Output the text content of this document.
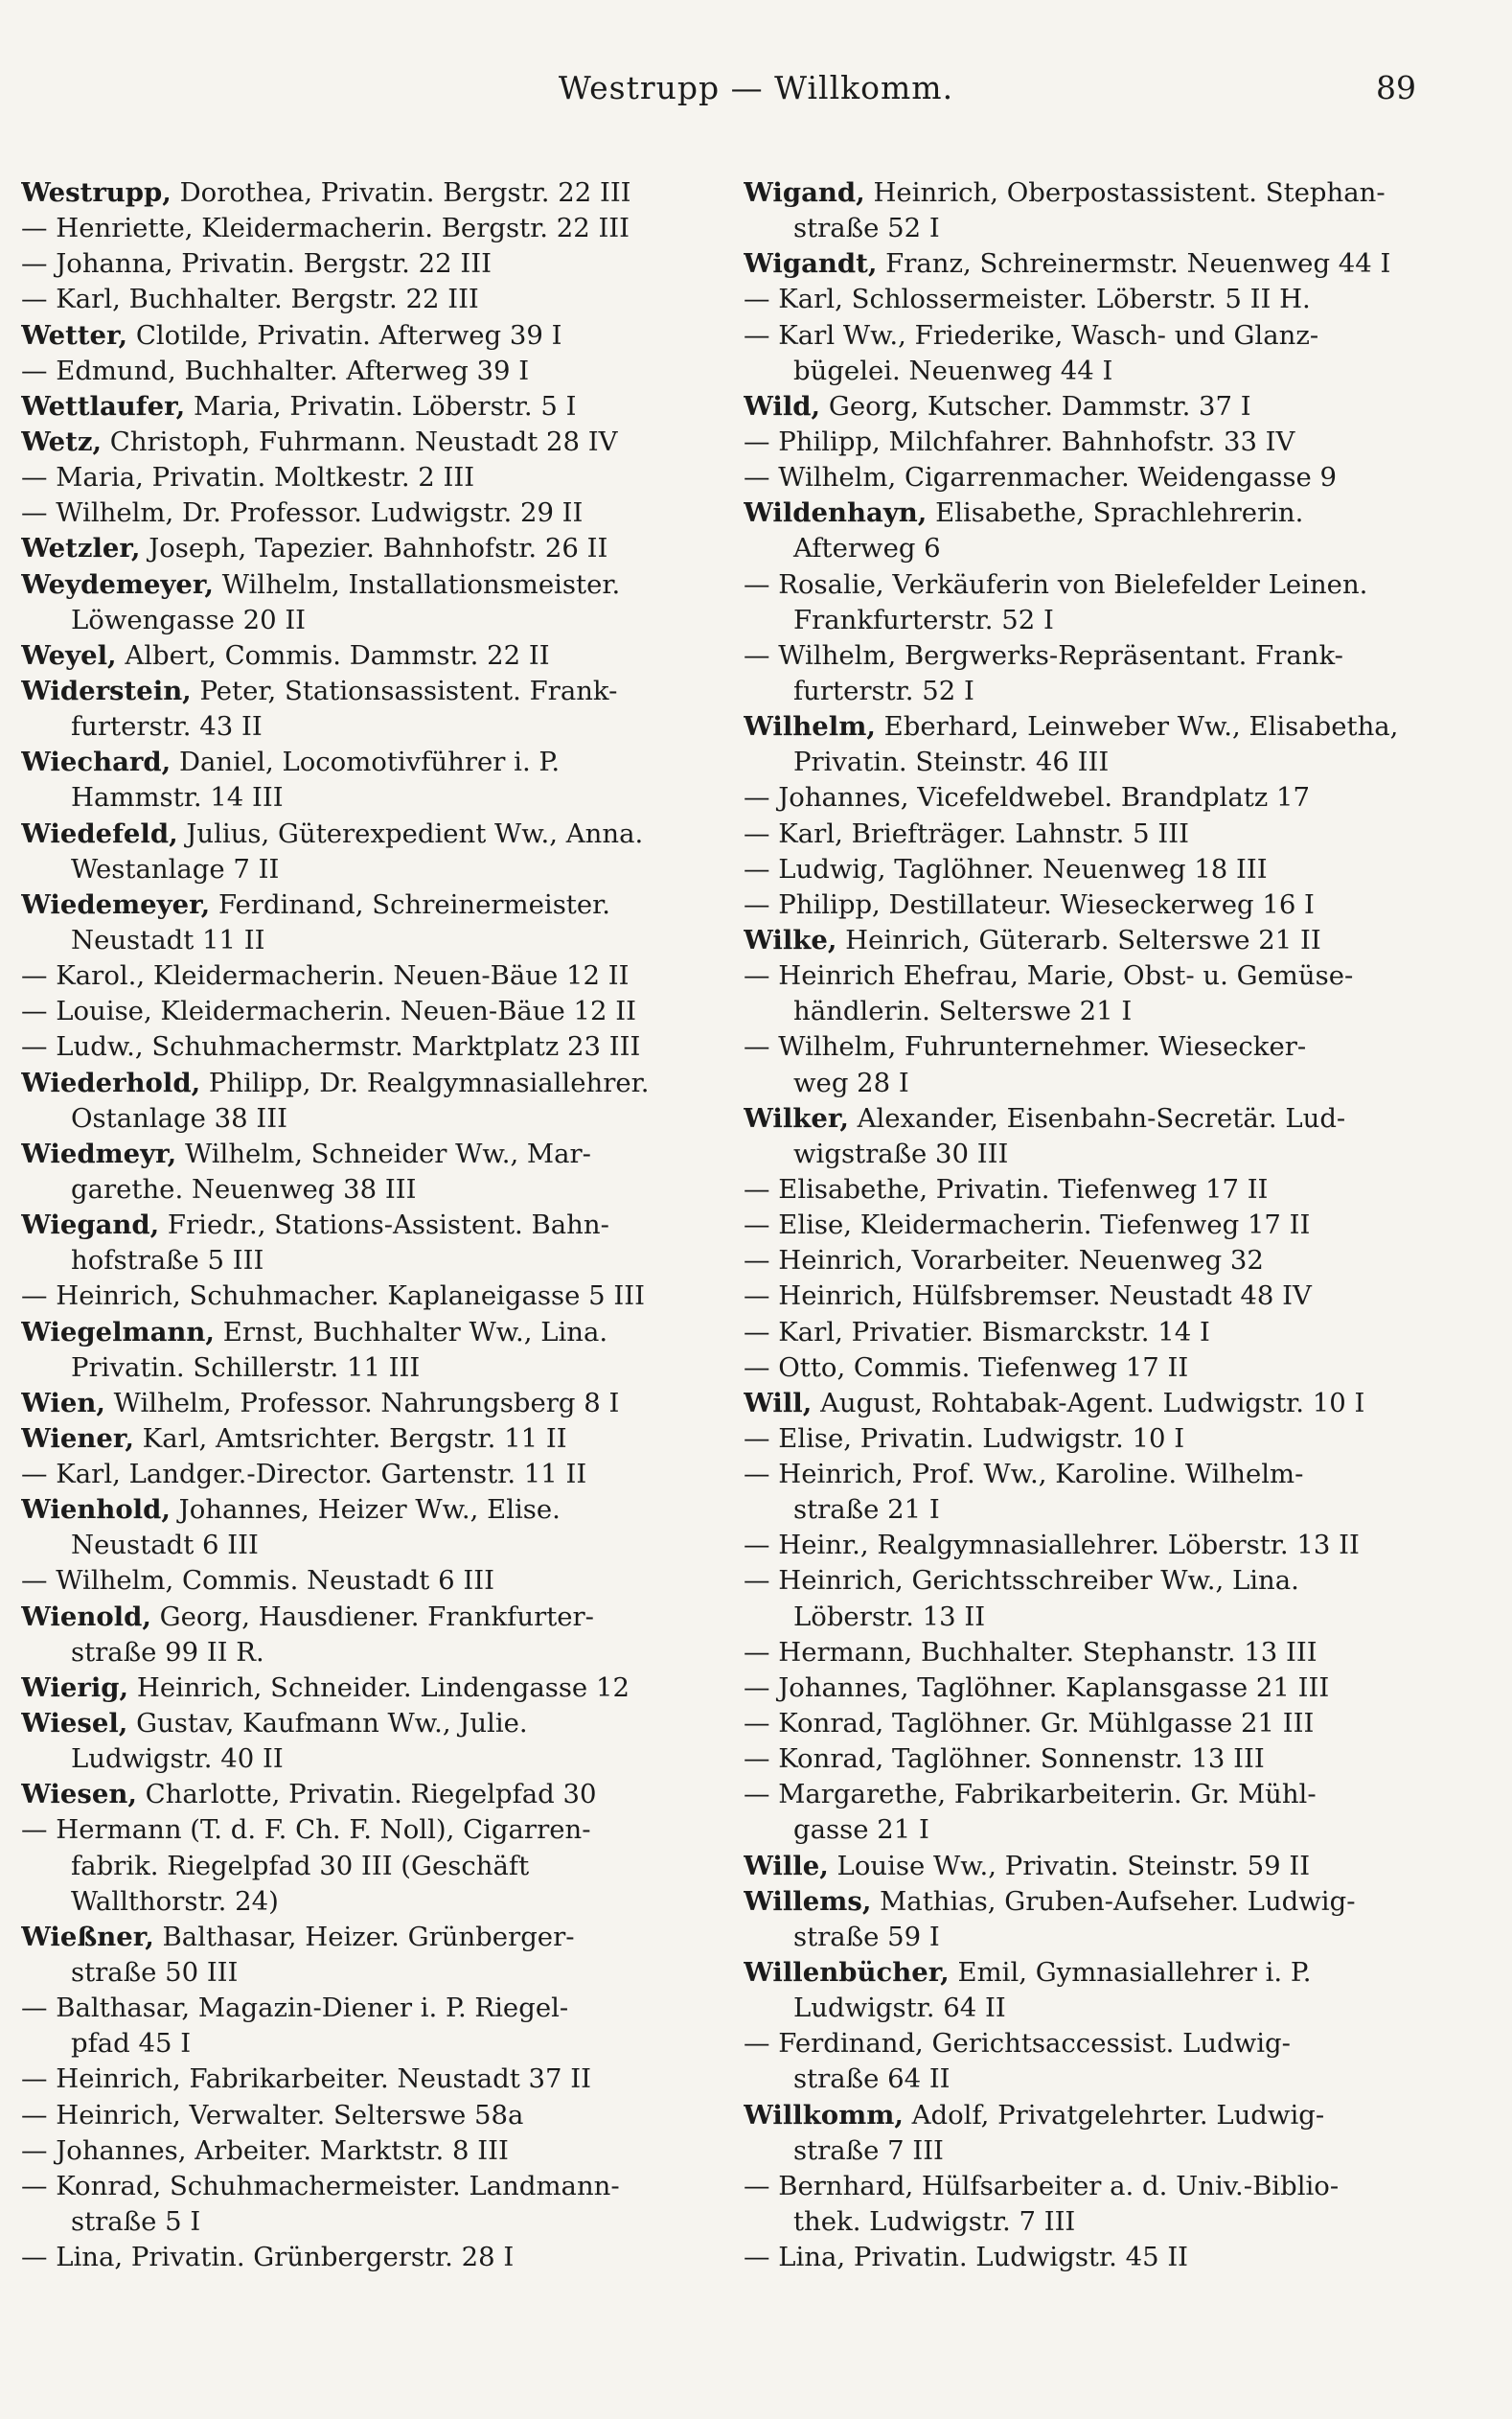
Westrupp — Willkomm.	89
Westrupp, Dorothea, Privatin. Bergstr. 22 III
— Henriette, Kleidermacherin. Bergstr. 22 III
— Johanna, Privatin. Bergstr. 22 III
— Karl, Buchhalter. Bergstr. 22 III
Wetter, Clotilde, Privatin. Afterweg 39 I
— Edmund, Buchhalter. Afterweg 39 I
Wettlaufer, Maria, Privatin. Löberstr. 5 I
Wetz, Christoph, Fuhrmann. Neustadt 28 IV
— Maria, Privatin. Moltkestr. 2 III
— Wilhelm, Dr. Professor. Ludwigstr. 29 II
Wetzler, Joseph, Tapezier. Bahnhofstr. 26 II
Weydemeyer, Wilhelm, Installationsmeister.
Löwengasse 20 II
Weyel, Albert, Commis. Dammstr. 22 II
Widerstein, Peter, Stationsassistent. Frank-
furterstr. 43 II
Wiechard, Daniel, Locomotivführer i. P.
Hammstr. 14 III
Wiedefeld, Julius, Güterexpedient Ww., Anna.
Westanlage 7 II
Wiedemeyer, Ferdinand, Schreinermeister.
Neustadt 11 II
— Karol., Kleidermacherin. Neuen-Bäue 12 II
— Louise, Kleidermacherin. Neuen-Bäue 12 II
— Ludw., Schuhmachermstr. Marktplatz 23 III
Wiederhold, Philipp, Dr. Realgymnasiallehrer.
Ostanlage 38 III
Wiedmeyr, Wilhelm, Schneider Ww., Mar-
garethe. Neuenweg 38 III
Wiegand, Friedr., Stations-Assistent. Bahn-
hofstraße 5 III
— Heinrich, Schuhmacher. Kaplaneigasse 5 III
Wiegelmann, Ernst, Buchhalter Ww., Lina.
Privatin. Schillerstr. 11 III
Wien, Wilhelm, Professor. Nahrungsberg 8 I
Wiener, Karl, Amtsrichter. Bergstr. 11 II
— Karl, Landger.-Director. Gartenstr. 11 II
Wienhold, Johannes, Heizer Ww., Elise.
Neustadt 6 III
— Wilhelm, Commis. Neustadt 6 III
Wienold, Georg, Hausdiener. Frankfurter-
straße 99 II R.
Wierig, Heinrich, Schneider. Lindengasse 12
Wiesel, Gustav, Kaufmann Ww., Julie.
Ludwigstr. 40 II
Wiesen, Charlotte, Privatin. Riegelpfad 30
— Hermann (T. d. F. Ch. F. Noll), Cigarren-
fabrik. Riegelpfad 30 III (Geschäft
Wallthorstr. 24)
Wießner, Balthasar, Heizer. Grünberger-
straße 50 III
— Balthasar, Magazin-Diener i. P. Riegel-
pfad 45 I
— Heinrich, Fabrikarbeiter. Neustadt 37 II
— Heinrich, Verwalter. Selterswe 58a
— Johannes, Arbeiter. Marktstr. 8 III
— Konrad, Schuhmachermeister. Landmann-
straße 5 I
— Lina, Privatin. Grünbergerstr. 28 I
Wigand, Heinrich, Oberpostassistent. Stephan-
straße 52 I
Wigandt, Franz, Schreinermstr. Neuenweg 44 I
— Karl, Schlossermeister. Löberstr. 5 II H.
— Karl Ww., Friederike, Wasch- und Glanz-
bügelei. Neuenweg 44 I
Wild, Georg, Kutscher. Dammstr. 37 I
— Philipp, Milchfahrer. Bahnhofstr. 33 IV
— Wilhelm, Cigarrenmacher. Weidengasse 9
Wildenhayn, Elisabethe, Sprachlehrerin.
Afterweg 6
— Rosalie, Verkäuferin von Bielefelder Leinen.
Frankfurterstr. 52 I
— Wilhelm, Bergwerks-Repräsentant. Frank-
furterstr. 52 I
Wilhelm, Eberhard, Leinweber Ww., Elisabetha,
Privatin. Steinstr. 46 III
— Johannes, Vicefeldwebel. Brandplatz 17
— Karl, Briefträger. Lahnstr. 5 III
— Ludwig, Taglöhner. Neuenweg 18 III
— Philipp, Destillateur. Wieseckerweg 16 I
Wilke, Heinrich, Güterarb. Selterswe 21 II
— Heinrich Ehefrau, Marie, Obst- u. Gemüse-
händlerin. Selterswe 21 I
— Wilhelm, Fuhrunternehmer. Wiesecker-
weg 28 I
Wilker, Alexander, Eisenbahn-Secretär. Lud-
wigstraße 30 III
— Elisabethe, Privatin. Tiefenweg 17 II
— Elise, Kleidermacherin. Tiefenweg 17 II
— Heinrich, Vorarbeiter. Neuenweg 32
— Heinrich, Hülfsbremser. Neustadt 48 IV
— Karl, Privatier. Bismarckstr. 14 I
— Otto, Commis. Tiefenweg 17 II
Will, August, Rohtabak-Agent. Ludwigstr. 10 I
— Elise, Privatin. Ludwigstr. 10 I
— Heinrich, Prof. Ww., Karoline. Wilhelm-
straße 21 I
— Heinr., Realgymnasiallehrer. Löberstr. 13 II
— Heinrich, Gerichtsschreiber Ww., Lina.
Löberstr. 13 II
— Hermann, Buchhalter. Stephanstr. 13 III
— Johannes, Taglöhner. Kaplansgasse 21 III
— Konrad, Taglöhner. Gr. Mühlgasse 21 III
— Konrad, Taglöhner. Sonnenstr. 13 III
— Margarethe, Fabrikarbeiterin. Gr. Mühl-
gasse 21 I
Wille, Louise Ww., Privatin. Steinstr. 59 II
Willems, Mathias, Gruben-Aufseher. Ludwig-
straße 59 I
Willenbücher, Emil, Gymnasiallehrer i. P.
Ludwigstr. 64 II
— Ferdinand, Gerichtsaccessist. Ludwig-
straße 64 II
Willkomm, Adolf, Privatgelehrter. Ludwig-
straße 7 III
— Bernhard, Hülfsarbeiter a. d. Univ.-Biblio-
thek. Ludwigstr. 7 III
— Lina, Privatin. Ludwigstr. 45 II
